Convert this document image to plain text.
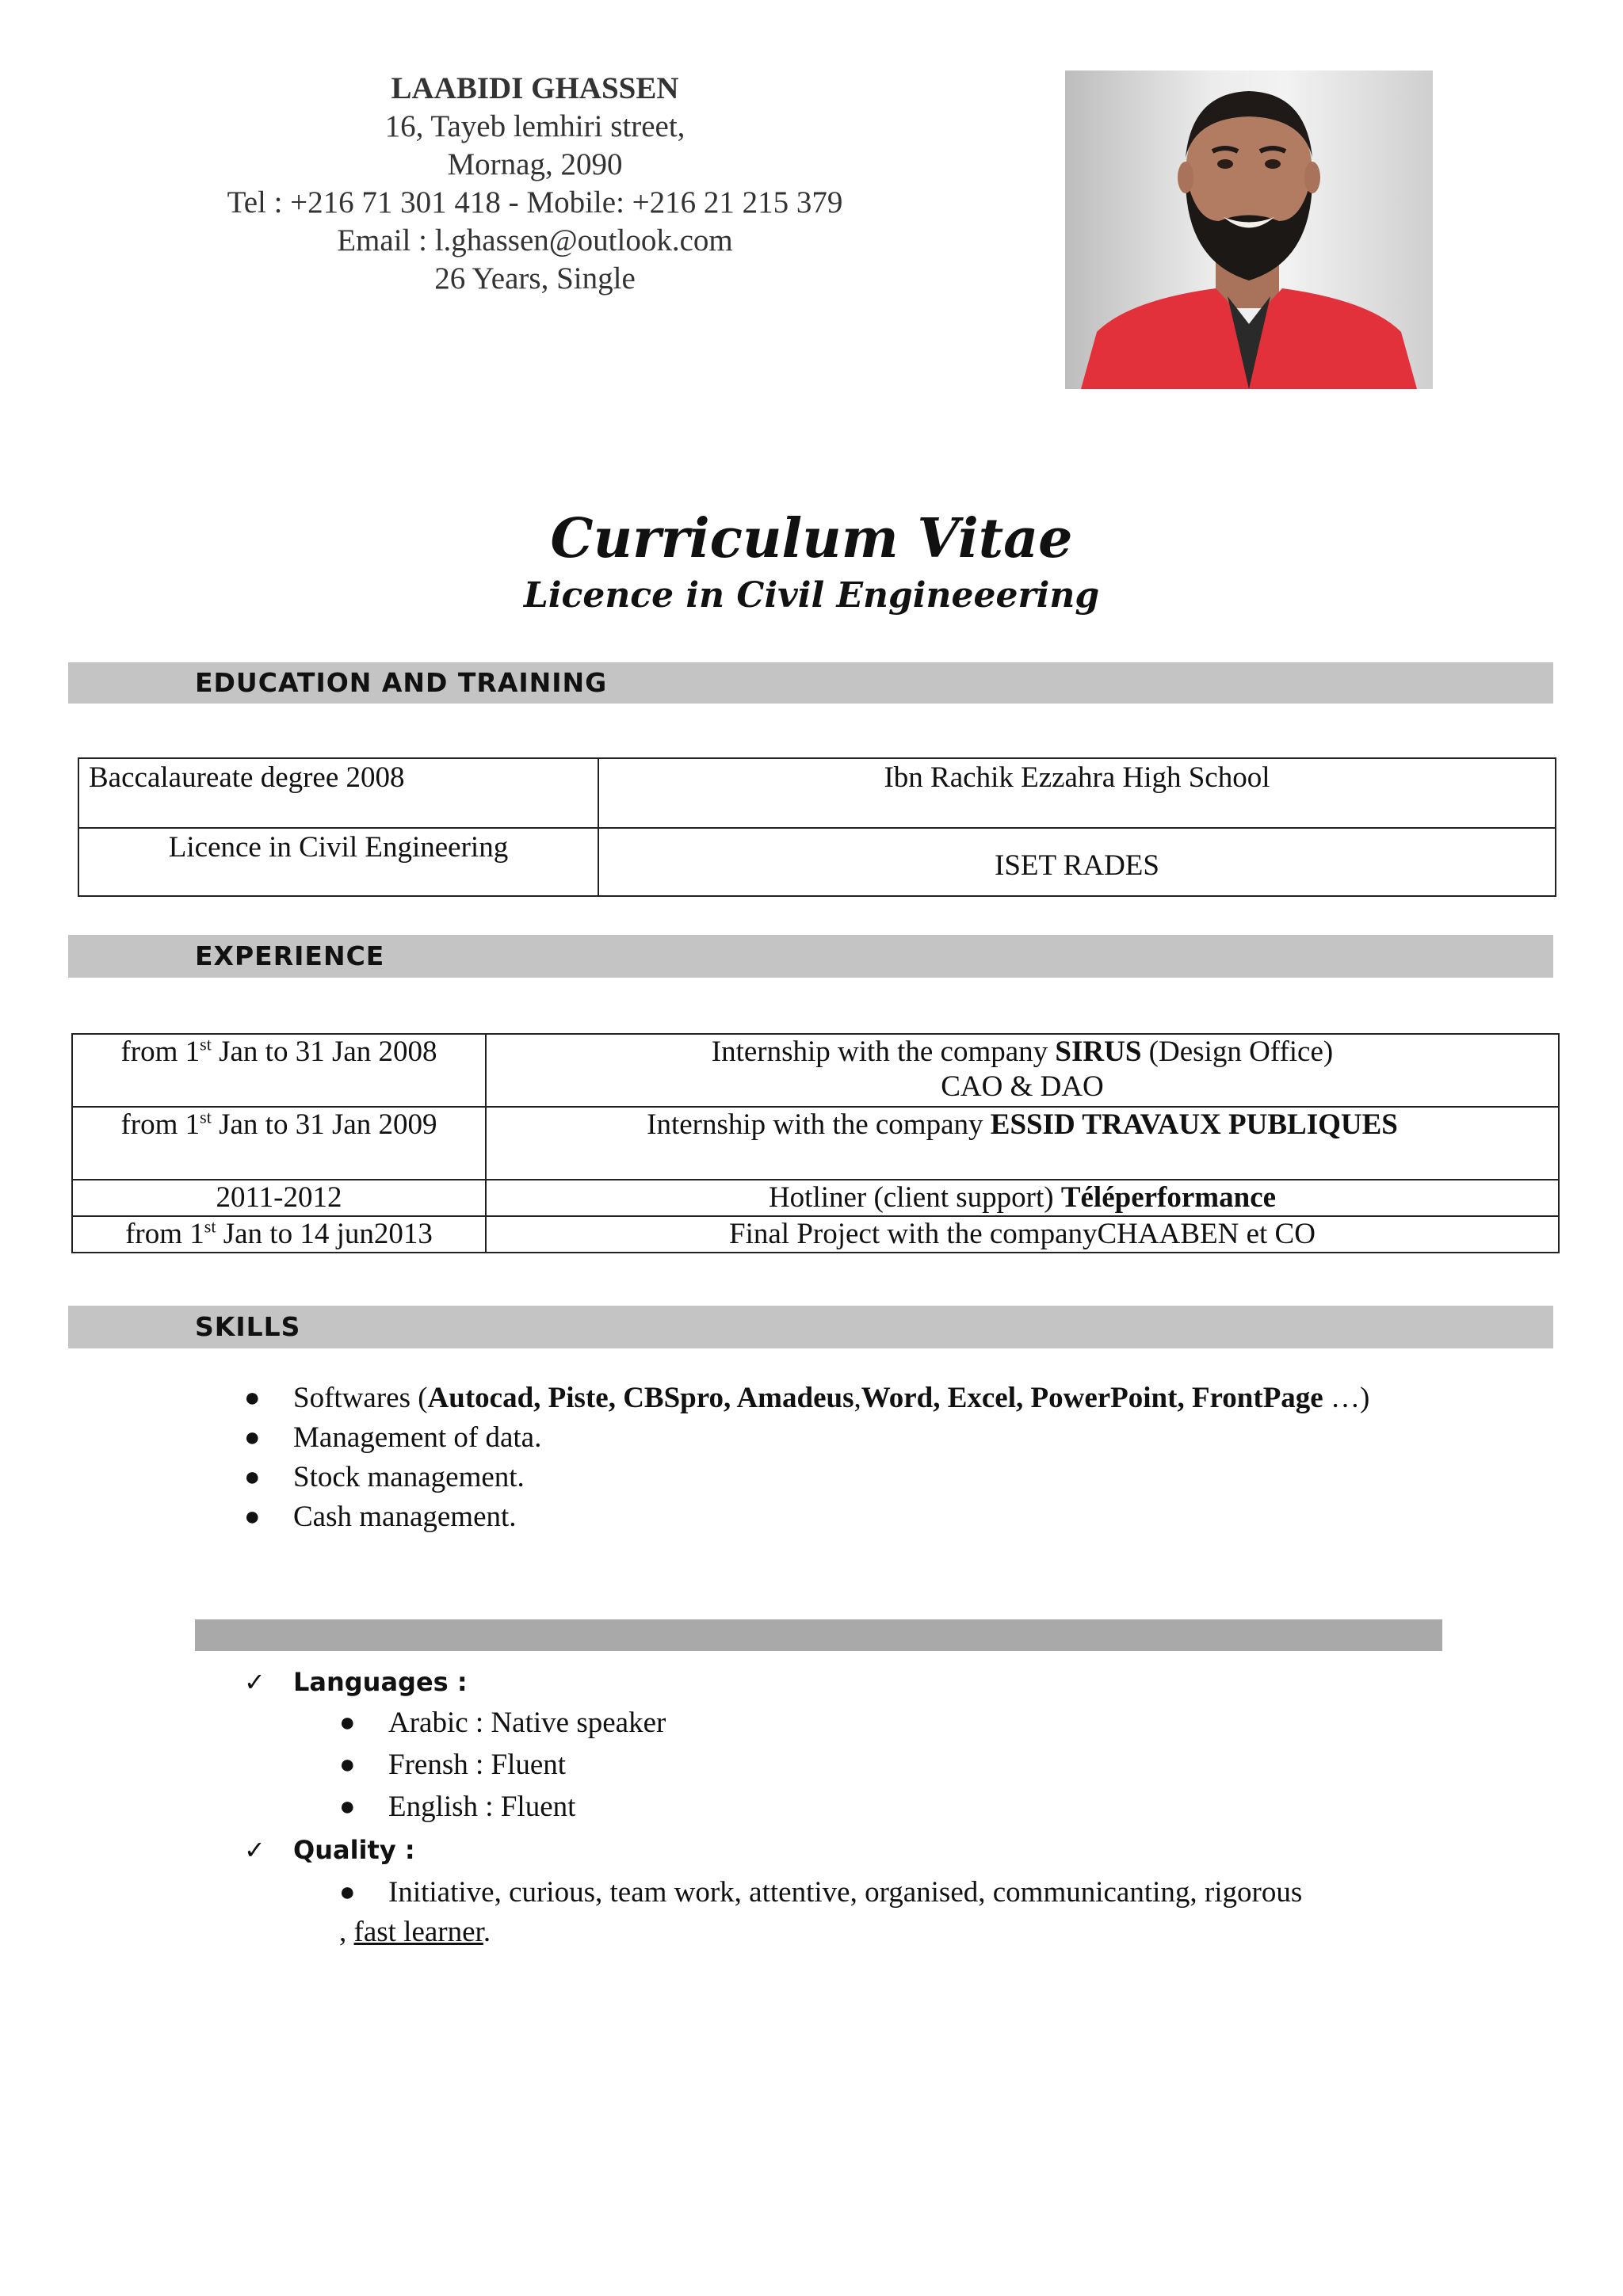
LAABIDI GHASSEN
16, Tayeb lemhiri street,
Mornag, 2090
Tel : +216 71 301 418 - Mobile: +216 21 215 379
Email : l.ghassen@outlook.com
26 Years, Single
Curriculum Vitae
Licence in Civil Engineeering
EDUCATION AND TRAINING
Baccalaureate degree 2008	Ibn Rachik Ezzahra High School
Licence in Civil Engineering	ISET RADES
EXPERIENCE
from 1st Jan to 31 Jan 2008	Internship with the company SIRUS (Design Office)
CAO & DAO
from 1st Jan to 31 Jan 2009	Internship with the company ESSID TRAVAUX PUBLIQUES
2011-2012	Hotliner (client support) Téléperformance
from 1st Jan to 14 jun2013	Final Project with the companyCHAABEN et CO
SKILLS
● Softwares (Autocad, Piste, CBSpro, Amadeus,Word, Excel, PowerPoint, FrontPage …)
● Management of data.
● Stock management.
● Cash management.
✓ Languages :
● Arabic : Native speaker
● Frensh : Fluent
● English : Fluent
✓ Quality :
● Initiative, curious, team work, attentive, organised, communicanting, rigorous
, fast learner.
